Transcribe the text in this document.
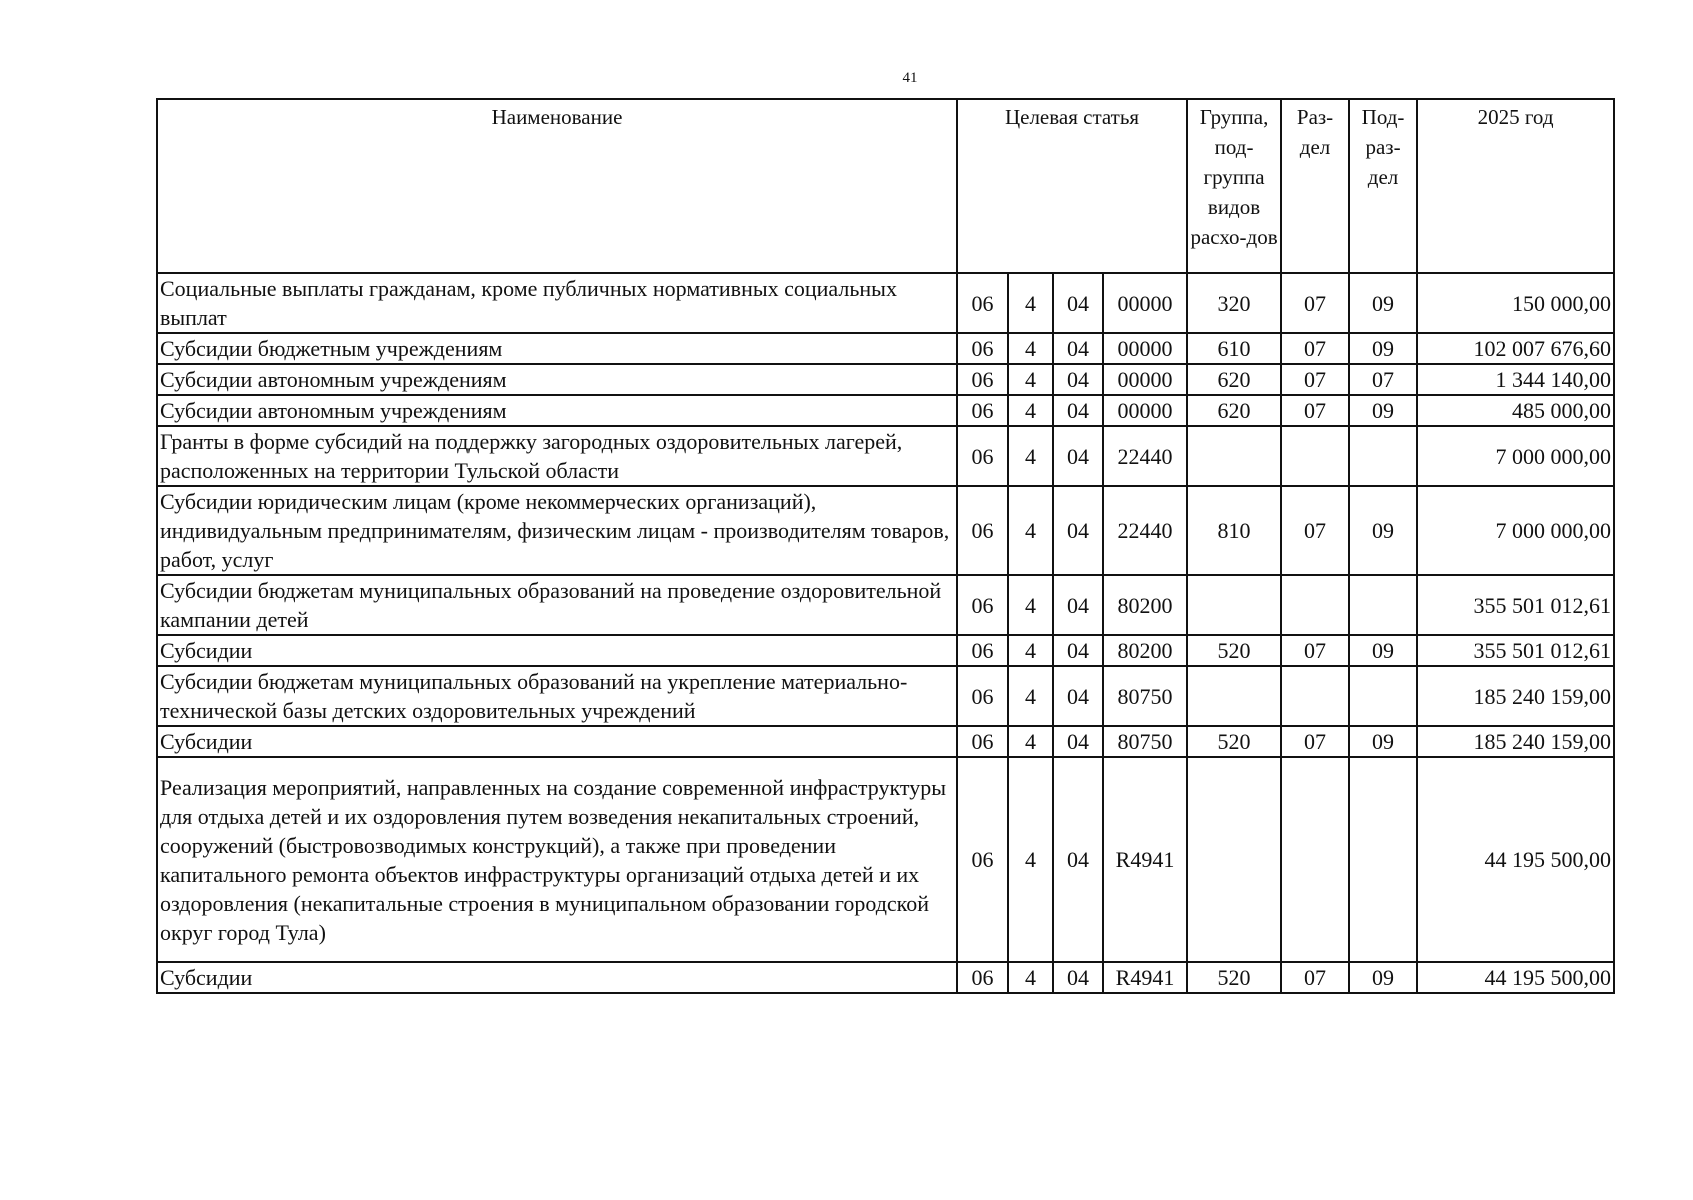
41
Наименование	Целевая статья				Группа, под-группа видов расхо-дов	Раз-дел	Под-раз-дел	2025 год
Социальные выплаты гражданам, кроме публичных нормативных социальных выплат	06	4	04	00000	320	07	09	150 000,00
Субсидии бюджетным учреждениям	06	4	04	00000	610	07	09	102 007 676,60
Субсидии автономным учреждениям	06	4	04	00000	620	07	07	1 344 140,00
Субсидии автономным учреждениям	06	4	04	00000	620	07	09	485 000,00
Гранты в форме субсидий на поддержку загородных оздоровительных лагерей, расположенных на территории Тульской области	06	4	04	22440				7 000 000,00
Субсидии юридическим лицам (кроме некоммерческих организаций), индивидуальным предпринимателям, физическим лицам - производителям товаров, работ, услуг	06	4	04	22440	810	07	09	7 000 000,00
Субсидии бюджетам муниципальных образований на проведение оздоровительной кампании детей	06	4	04	80200				355 501 012,61
Субсидии	06	4	04	80200	520	07	09	355 501 012,61
Субсидии бюджетам муниципальных образований на укрепление материально-технической базы детских оздоровительных учреждений	06	4	04	80750				185 240 159,00
Субсидии	06	4	04	80750	520	07	09	185 240 159,00
Реализация мероприятий, направленных на создание современной инфраструктуры для отдыха детей и их оздоровления путем возведения некапитальных строений, сооружений (быстровозводимых конструкций), а также при проведении капитального ремонта объектов инфраструктуры организаций отдыха детей и их оздоровления (некапитальные строения в муниципальном образовании городской округ город Тула)	06	4	04	R4941				44 195 500,00
Субсидии	06	4	04	R4941	520	07	09	44 195 500,00
